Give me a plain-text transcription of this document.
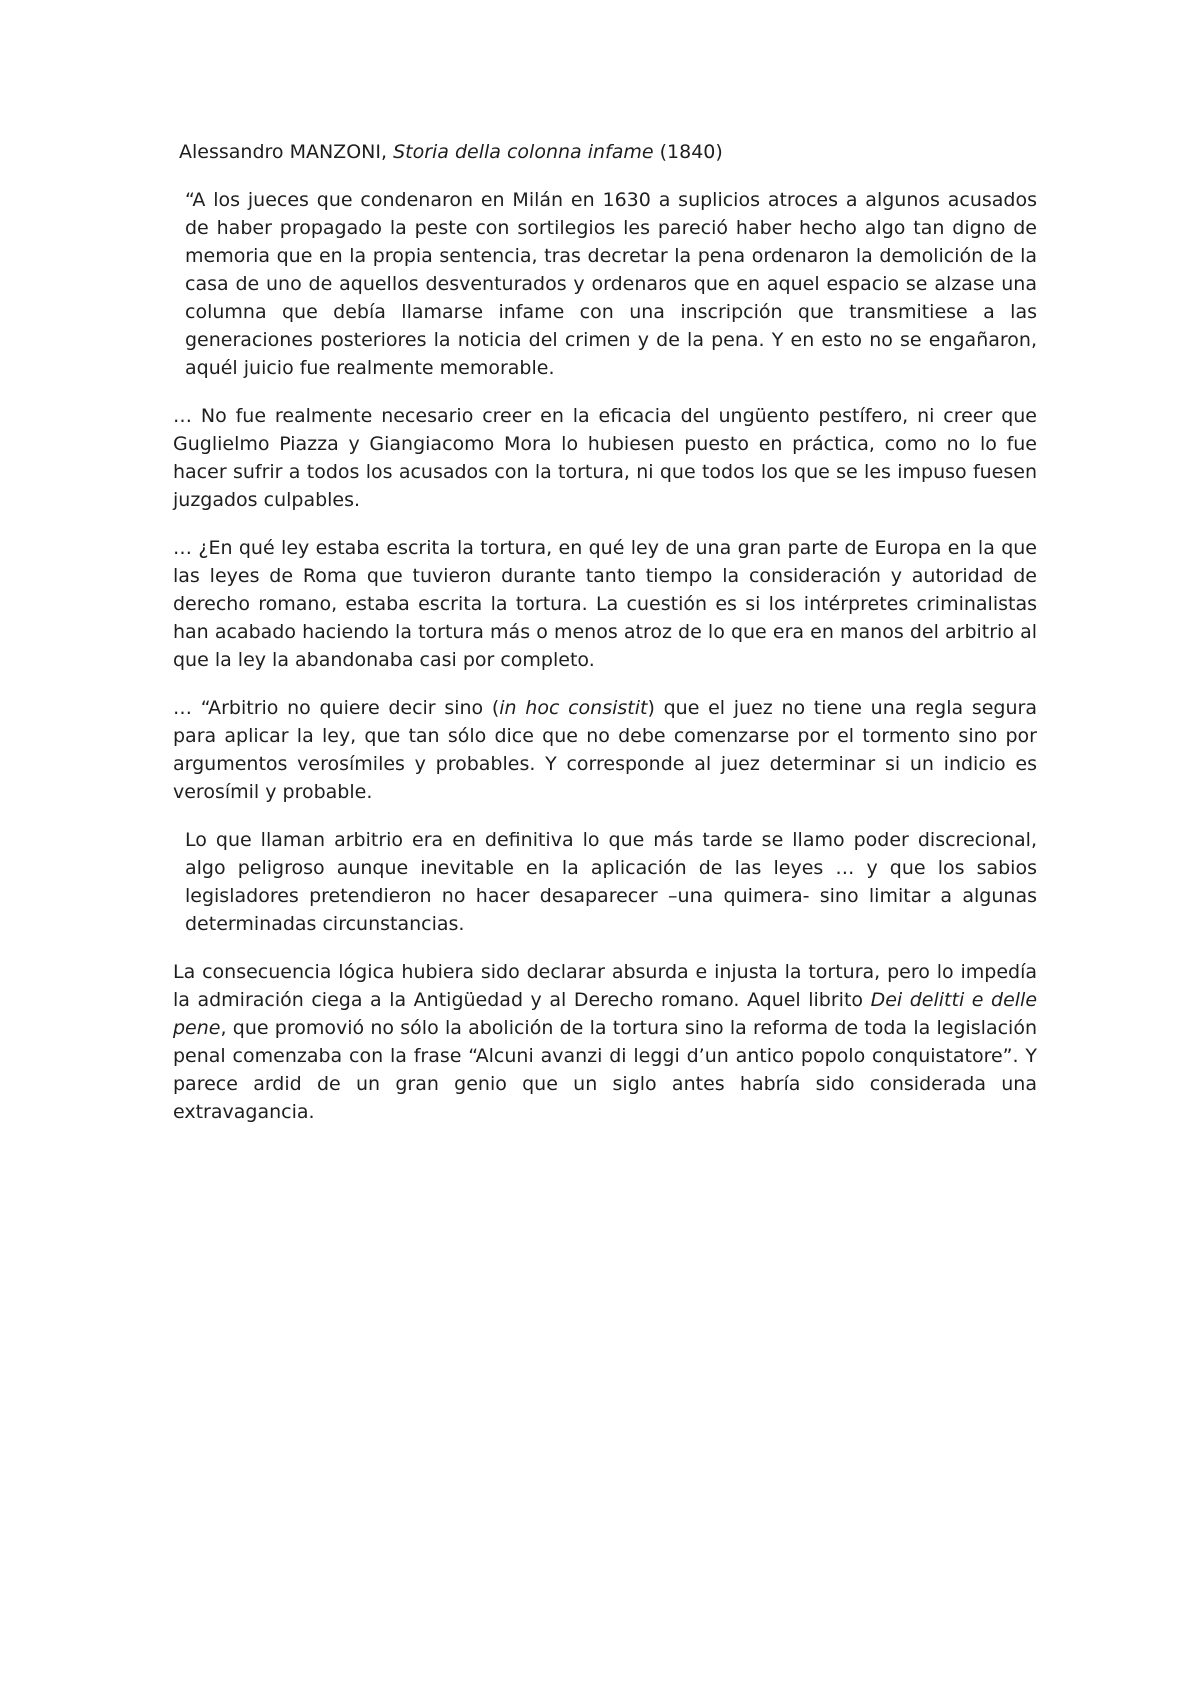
Alessandro MANZONI, Storia della colonna infame (1840)

“A los jueces que condenaron en Milán en 1630 a suplicios atroces a algunos acusados de haber propagado la peste con sortilegios les pareció haber hecho algo tan digno de memoria que en la propia sentencia, tras decretar la pena ordenaron la demolición de la casa de uno de aquellos desventurados y ordenaros que en aquel espacio se alzase una columna que debía llamarse infame con una inscripción que transmitiese a las generaciones posteriores la noticia del crimen y de la pena. Y en esto no se engañaron, aquél juicio fue realmente memorable.

… No fue realmente necesario creer en la eficacia del ungüento pestífero, ni creer que Guglielmo Piazza y Giangiacomo Mora lo hubiesen puesto en práctica, como no lo fue hacer sufrir a todos los acusados con la tortura, ni que todos los que se les impuso fuesen juzgados culpables.

… ¿En qué ley estaba escrita la tortura, en qué ley de una gran parte de Europa en la que las leyes de Roma que tuvieron durante tanto tiempo la consideración y autoridad de derecho romano, estaba escrita la tortura. La cuestión es si los intérpretes criminalistas han acabado haciendo la tortura más o menos atroz de lo que era en manos del arbitrio al que la ley la abandonaba casi por completo.

… “Arbitrio no quiere decir sino (in hoc consistit) que el juez no tiene una regla segura para aplicar la ley, que tan sólo dice que no debe comenzarse por el tormento sino por argumentos verosímiles y probables. Y corresponde al juez determinar si un indicio es verosímil y probable.

Lo que llaman arbitrio era en definitiva lo que más tarde se llamo poder discrecional, algo peligroso aunque inevitable en la aplicación de las leyes … y que los sabios legisladores pretendieron no hacer desaparecer –una quimera- sino limitar a algunas determinadas circunstancias.

La consecuencia lógica hubiera sido declarar absurda e injusta la tortura, pero lo impedía la admiración ciega a la Antigüedad y al Derecho romano. Aquel librito Dei delitti e delle pene, que promovió no sólo la abolición de la tortura sino la reforma de toda la legislación penal comenzaba con la frase “Alcuni avanzi di leggi d’un antico popolo conquistatore”. Y parece ardid de un gran genio que un siglo antes habría sido considerada una extravagancia.
